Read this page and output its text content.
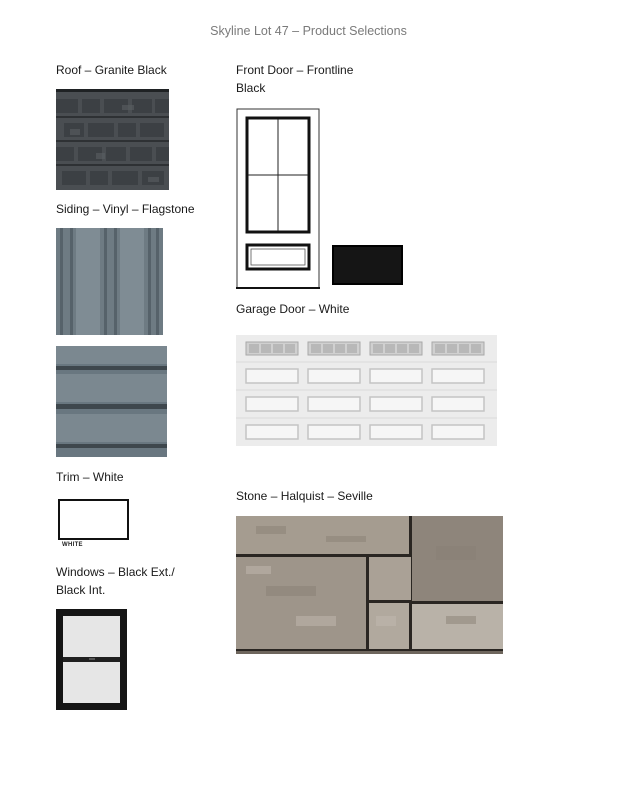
Skyline Lot 47 – Product Selections
Roof – Granite Black
Siding – Vinyl – Flagstone
Trim – White
WHITE
Windows – Black Ext./
Black Int.
Front Door – Frontline
Black
Garage Door – White
Stone – Halquist – Seville
